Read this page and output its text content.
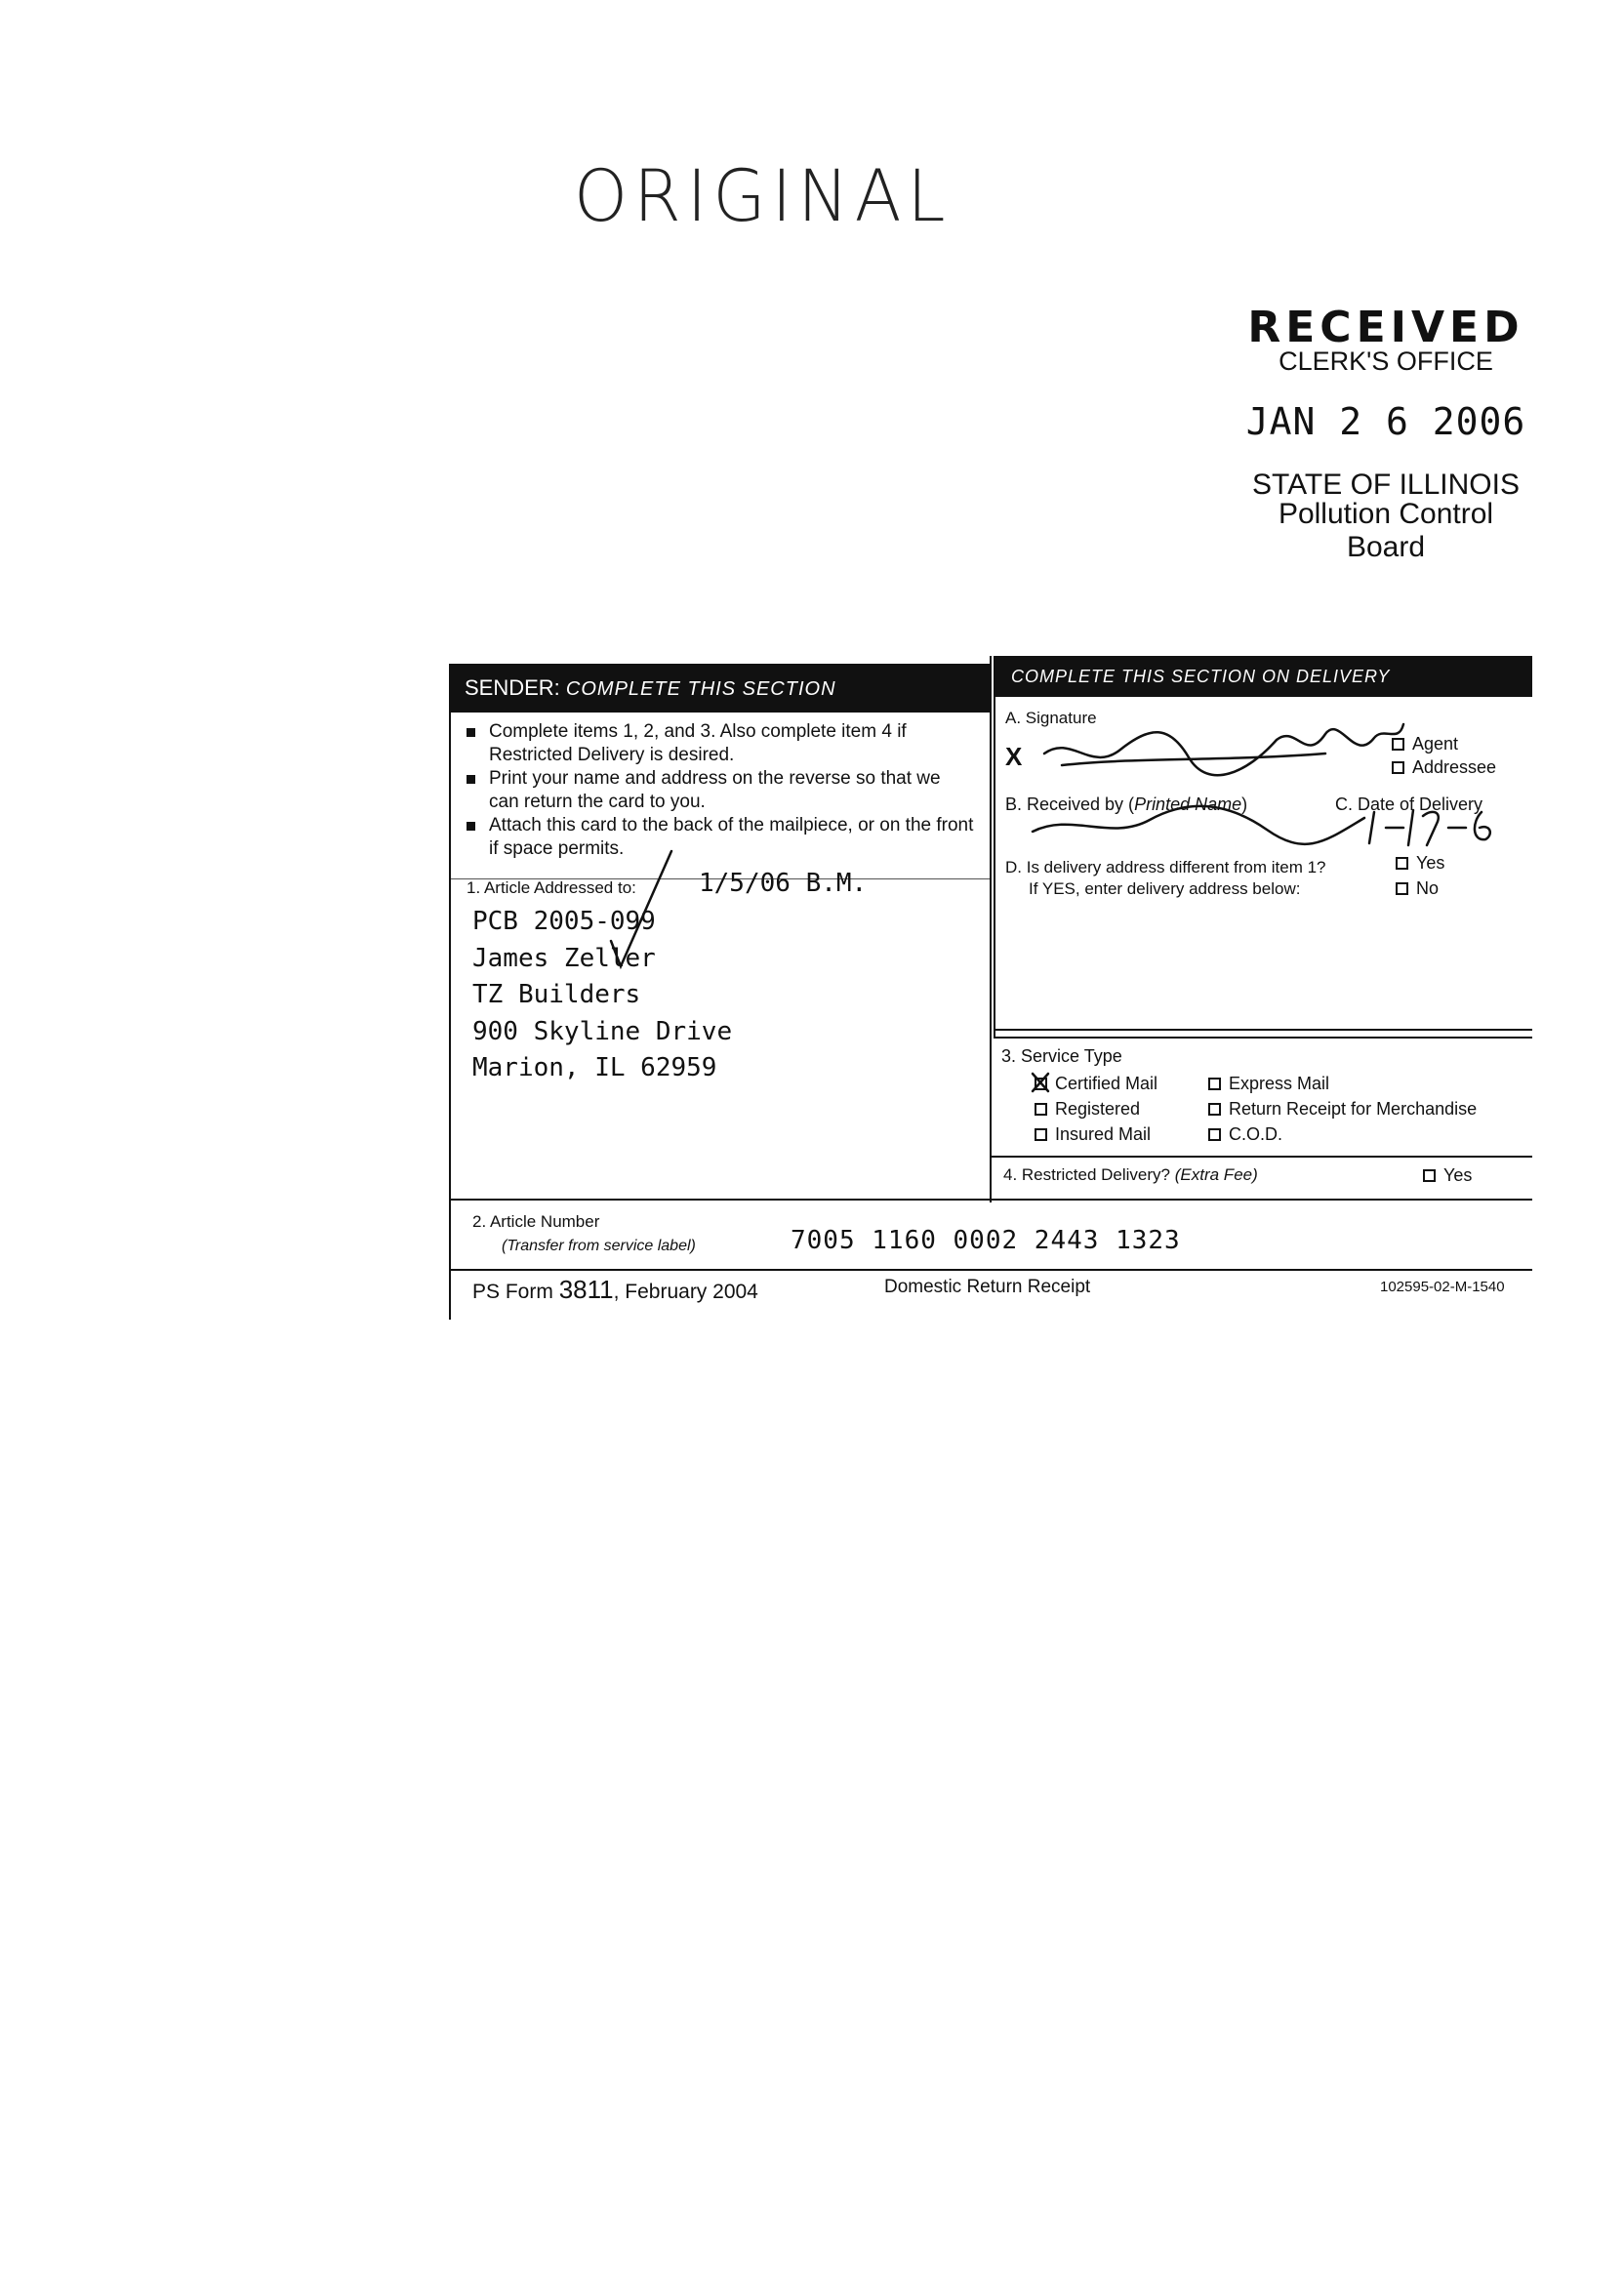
ORIGINAL
RECEIVED
CLERK'S OFFICE
JAN 2 6 2006
STATE OF ILLINOIS
Pollution Control Board
SENDER: COMPLETE THIS SECTION
COMPLETE THIS SECTION ON DELIVERY
Complete items 1, 2, and 3. Also complete item 4 if Restricted Delivery is desired.
Print your name and address on the reverse so that we can return the card to you.
Attach this card to the back of the mailpiece, or on the front if space permits.
1. Article Addressed to: 1/5/06 B.M.
PCB 2005-099
James Zeller
TZ Builders
900 Skyline Drive
Marion, IL 62959
A. Signature
X	Agent
Addressee
B. Received by (Printed Name)	C. Date of Delivery
D. Is delivery address different from item 1?
If YES, enter delivery address below:
Yes
No
3. Service Type
Certified Mail	Express Mail
Registered	Return Receipt for Merchandise
Insured Mail	C.O.D.
4. Restricted Delivery? (Extra Fee)	Yes
2. Article Number
(Transfer from service label)	7005 1160 0002 2443 1323
PS Form 3811, February 2004	Domestic Return Receipt	102595-02-M-1540
